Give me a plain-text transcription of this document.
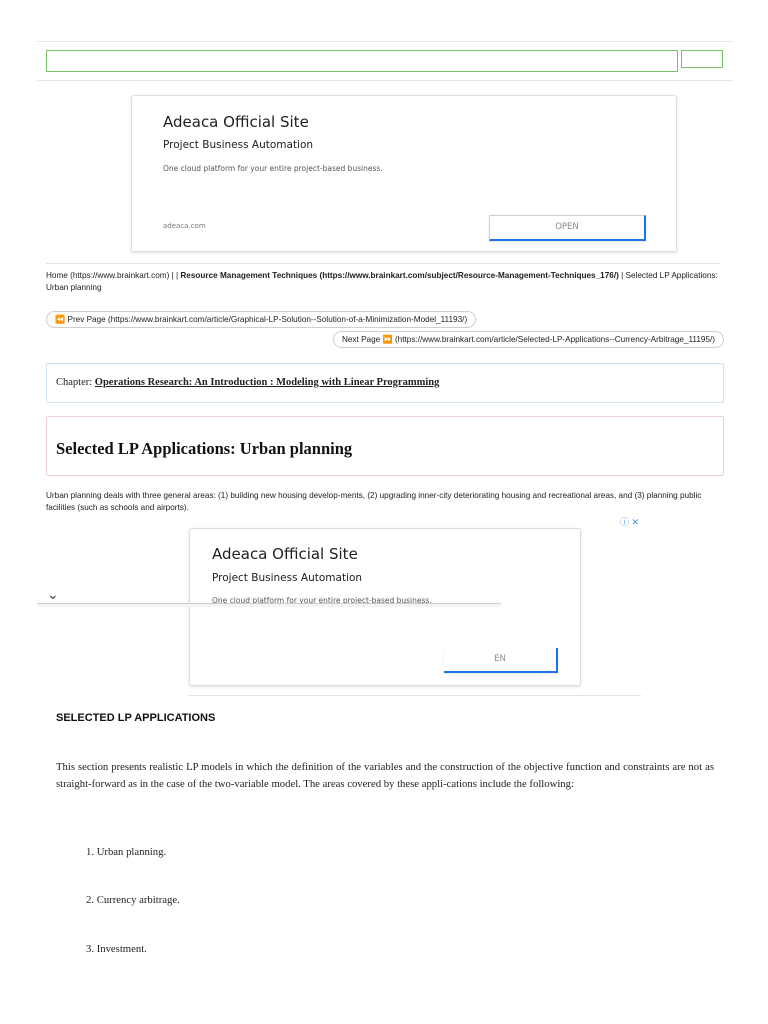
Adeaca Official Site
Project Business Automation
One cloud platform for your entire project-based business.
adeaca.com	OPEN
Home (https://www.brainkart.com) | | Resource Management Techniques (https://www.brainkart.com/subject/Resource-Management-Techniques_176/) | Selected LP Applications: Urban planning
⏪ Prev Page (https://www.brainkart.com/article/Graphical-LP-Solution--Solution-of-a-Minimization-Model_11193/)
Next Page ⏩ (https://www.brainkart.com/article/Selected-LP-Applications--Currency-Arbitrage_11195/)
Chapter: Operations Research: An Introduction : Modeling with Linear Programming
Selected LP Applications: Urban planning
Urban planning deals with three general areas: (1) building new housing develop-ments, (2) upgrading inner-city deteriorating housing and recreational areas, and (3) planning public facilities (such as schools and airports).
ⓘ ✕
Adeaca Official Site
Project Business Automation
One cloud platform for your entire project-based business.
⌄
EN
SELECTED LP APPLICATIONS
This section presents realistic LP models in which the definition of the variables and the construction of the objective function and constraints are not as straight-forward as in the case of the two-variable model. The areas covered by these appli-cations include the following:
1. Urban planning.
2. Currency arbitrage.
3. Investment.
